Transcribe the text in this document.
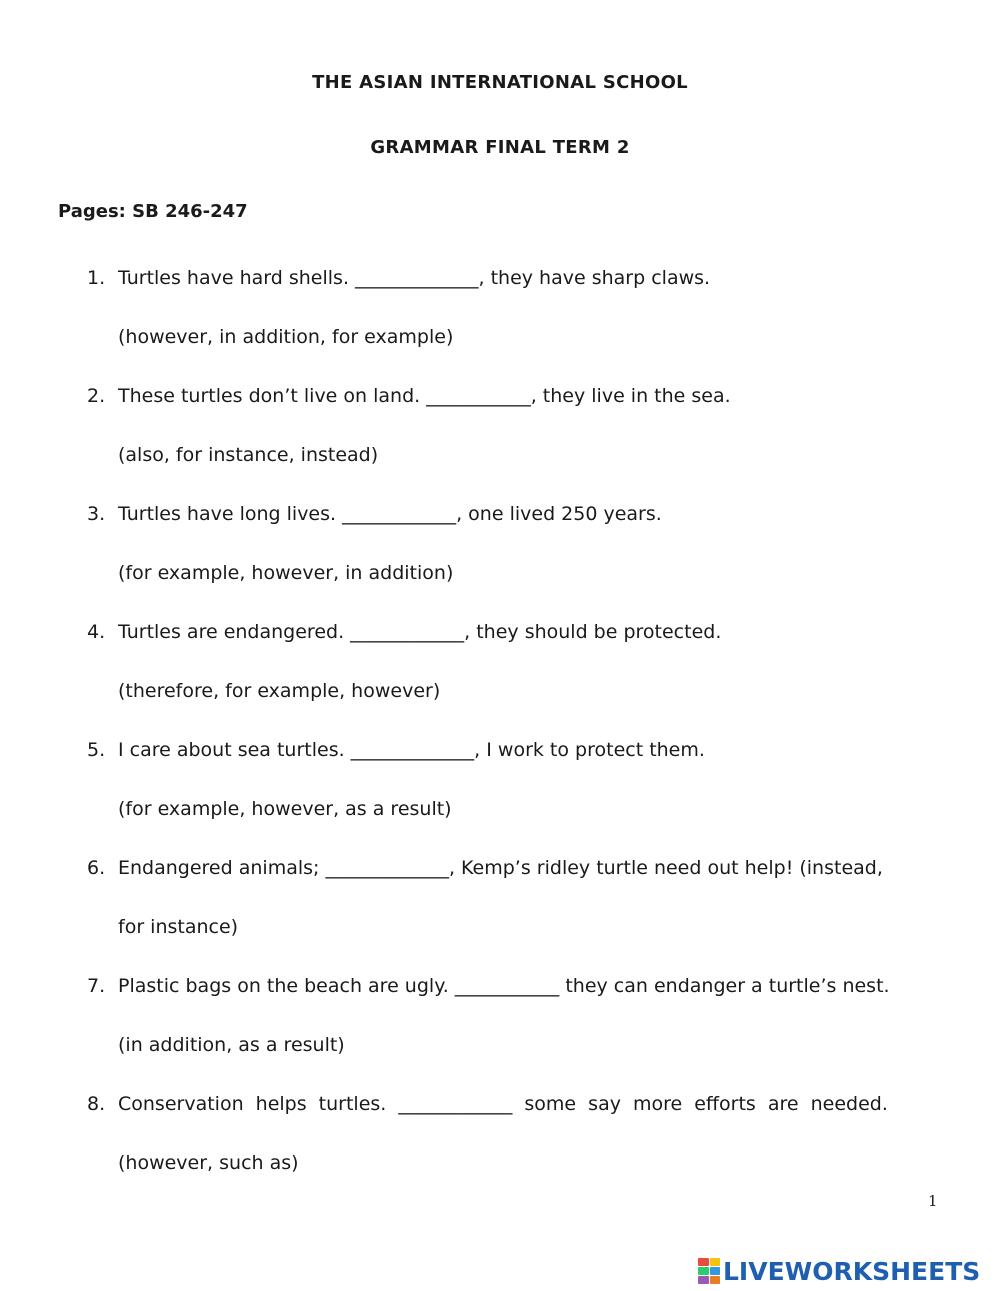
THE ASIAN INTERNATIONAL SCHOOL
GRAMMAR FINAL TERM 2
Pages: SB 246-247
1. Turtles have hard shells. _____________, they have sharp claws.
(however, in addition, for example)
2. These turtles don’t live on land. ___________, they live in the sea.
(also, for instance, instead)
3. Turtles have long lives. ____________, one lived 250 years.
(for example, however, in addition)
4. Turtles are endangered. ____________, they should be protected.
(therefore, for example, however)
5. I care about sea turtles. _____________, I work to protect them.
(for example, however, as a result)
6. Endangered animals; _____________, Kemp’s ridley turtle need out help! (instead,
for instance)
7. Plastic bags on the beach are ugly. ___________ they can endanger a turtle’s nest.
(in addition, as a result)
8. Conservation helps turtles. ____________ some say more efforts are needed.
(however, such as)
1
LIVEWORKSHEETS
